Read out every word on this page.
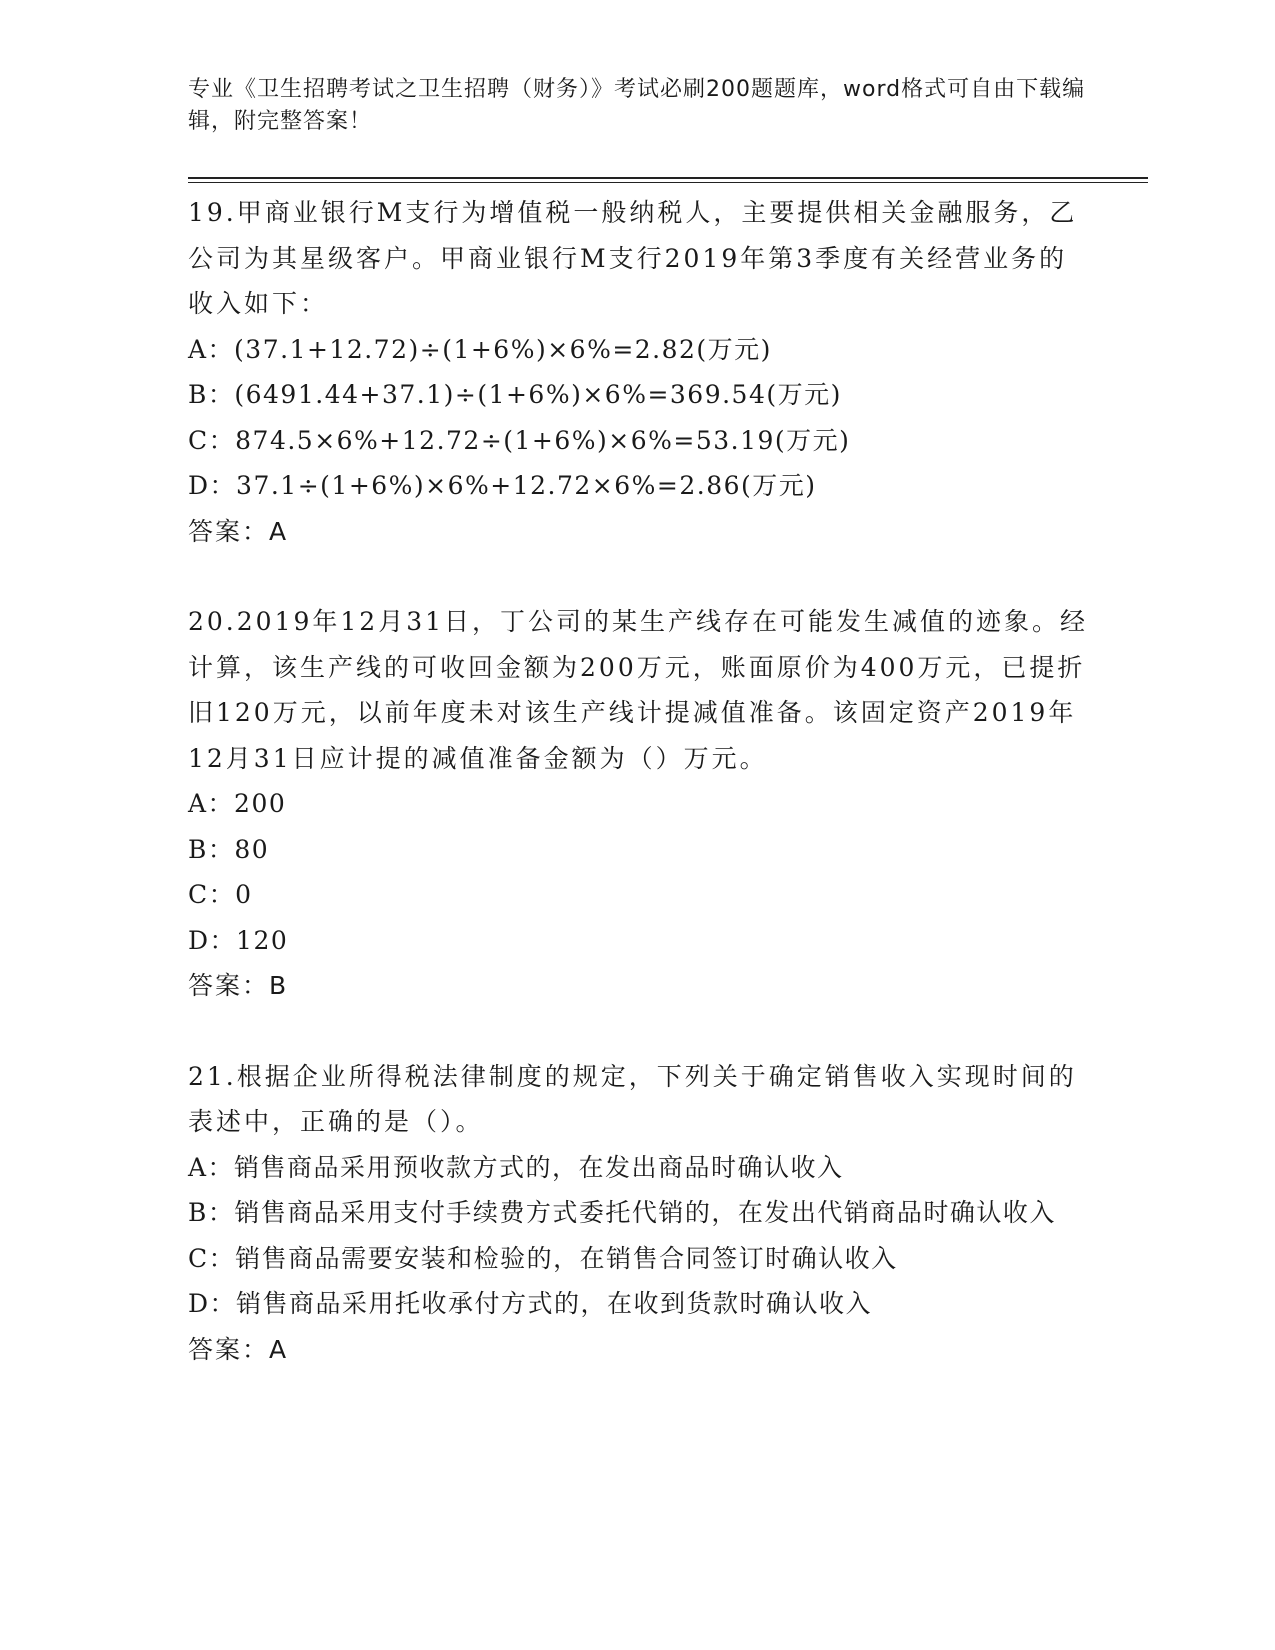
专业《卫生招聘考试之卫生招聘（财务）》考试必刷200题题库，word格式可自由下载编辑，附完整答案！

19.甲商业银行M支行为增值税一般纳税人，主要提供相关金融服务，乙公司为其星级客户。甲商业银行M支行2019年第3季度有关经营业务的收入如下：

A：(37.1+12.72)÷(1+6%)×6%=2.82(万元)

B：(6491.44+37.1)÷(1+6%)×6%=369.54(万元)

C：874.5×6%+12.72÷(1+6%)×6%=53.19(万元)

D：37.1÷(1+6%)×6%+12.72×6%=2.86(万元)

答案：A

20.2019年12月31日，丁公司的某生产线存在可能发生减值的迹象。经计算，该生产线的可收回金额为200万元，账面原价为400万元，已提折旧120万元，以前年度未对该生产线计提减值准备。该固定资产2019年12月31日应计提的减值准备金额为（）万元。

A：200

B：80

C：0

D：120

答案：B

21.根据企业所得税法律制度的规定，下列关于确定销售收入实现时间的表述中，正确的是（）。

A：销售商品采用预收款方式的，在发出商品时确认收入

B：销售商品采用支付手续费方式委托代销的，在发出代销商品时确认收入

C：销售商品需要安装和检验的，在销售合同签订时确认收入

D：销售商品采用托收承付方式的，在收到货款时确认收入

答案：A
